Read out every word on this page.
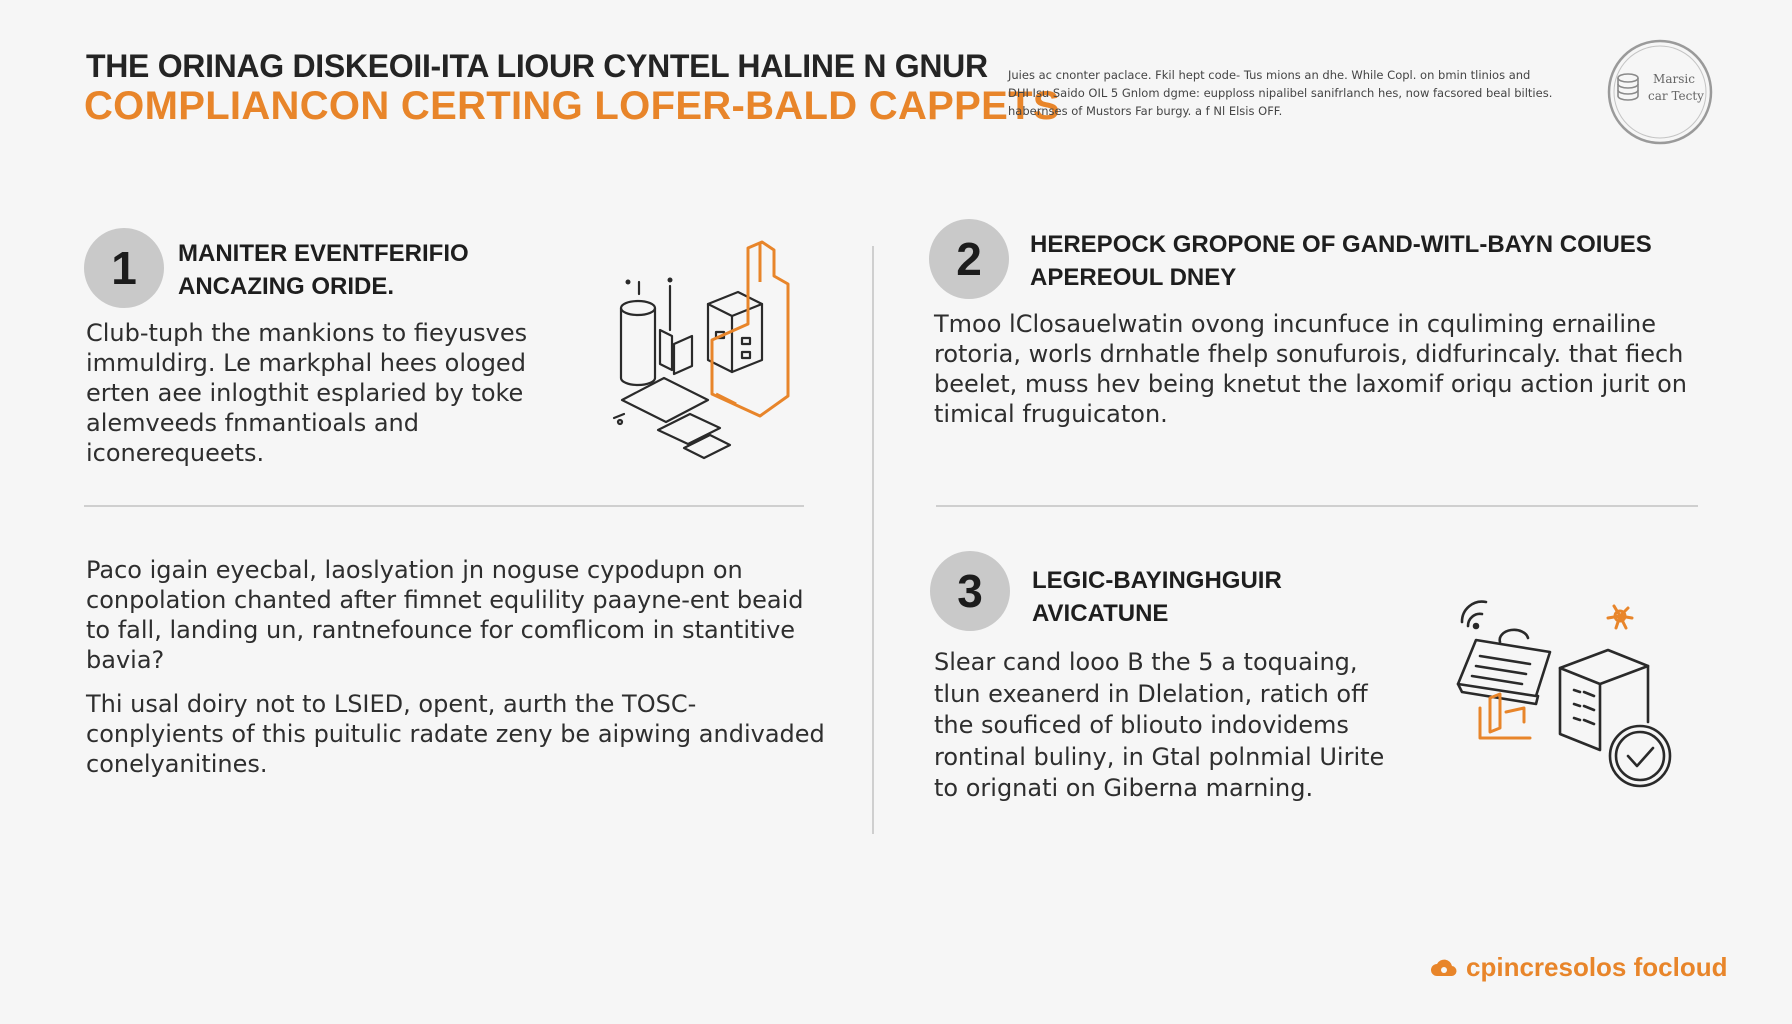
THE ORINAG DISKEOII-ITA LIOUR CYNTEL HALINE N GNUR
COMPLIANCON CERTING LOFER-BALD CAPPETS
Juies ac cnonter paclace. Fkil hept code- Tus mions an dhe. While Copl. on bmin tlinios and
DHI Isu Saido OIL 5 Gnlom dgme: eupploss nipalibel sanifrlanch hes, now facsored beal bilties.
habernses of Mustors Far burgy. a f Nl Elsis OFF.
Marsic
car Tecty
1	MANITER EVENTFERIFIO ANCAZING ORIDE.
Club-tuph the mankions to fieyusves immuldirg. Le markphal hees ologed erten aee inlogthit esplaried by toke alemveeds fnmantioals and iconerequeets.
Paco igain eyecbal, laoslyation jn noguse cypodupn on conpolation chanted after fimnet equlility paayne-ent beaid to fall, landing un, rantnefounce for comflicom in stantitive bavia?
Thi usal doiry not to LSIED, opent, aurth the TOSC- conplyients of this puitulic radate zeny be aipwing andivaded conelyanitines.
2	HEREPOCK GROPONE OF GAND-WITL-BAYN COIUES APEREOUL DNEY
Tmoo lClosauelwatin ovong incunfuce in cquliming ernailine rotoria, worls drnhatle fhelp sonufurois, didfurincaly. that fiech beelet, muss hev being knetut the laxomif oriqu action jurit on timical fruguicaton.
3	LEGIC-BAYINGHGUIR AVICATUNE
Slear cand looo B the 5 a toquaing, tlun exeanerd in Dlelation, ratich off the souficed of bliouto indovidems rontinal buliny, in Gtal polnmial Uirite to orignati on Giberna marning.
cpincresolos focloud
